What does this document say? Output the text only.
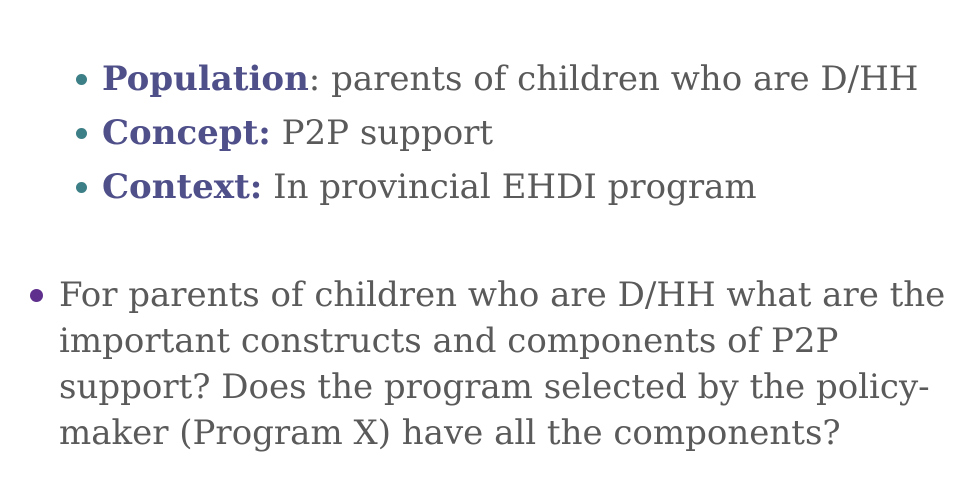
Population: parents of children who are D/HH
Concept: P2P support
Context: In provincial EHDI program
For parents of children who are D/HH what are the important constructs and components of P2P support? Does the program selected by the policy-maker (Program X) have all the components?
